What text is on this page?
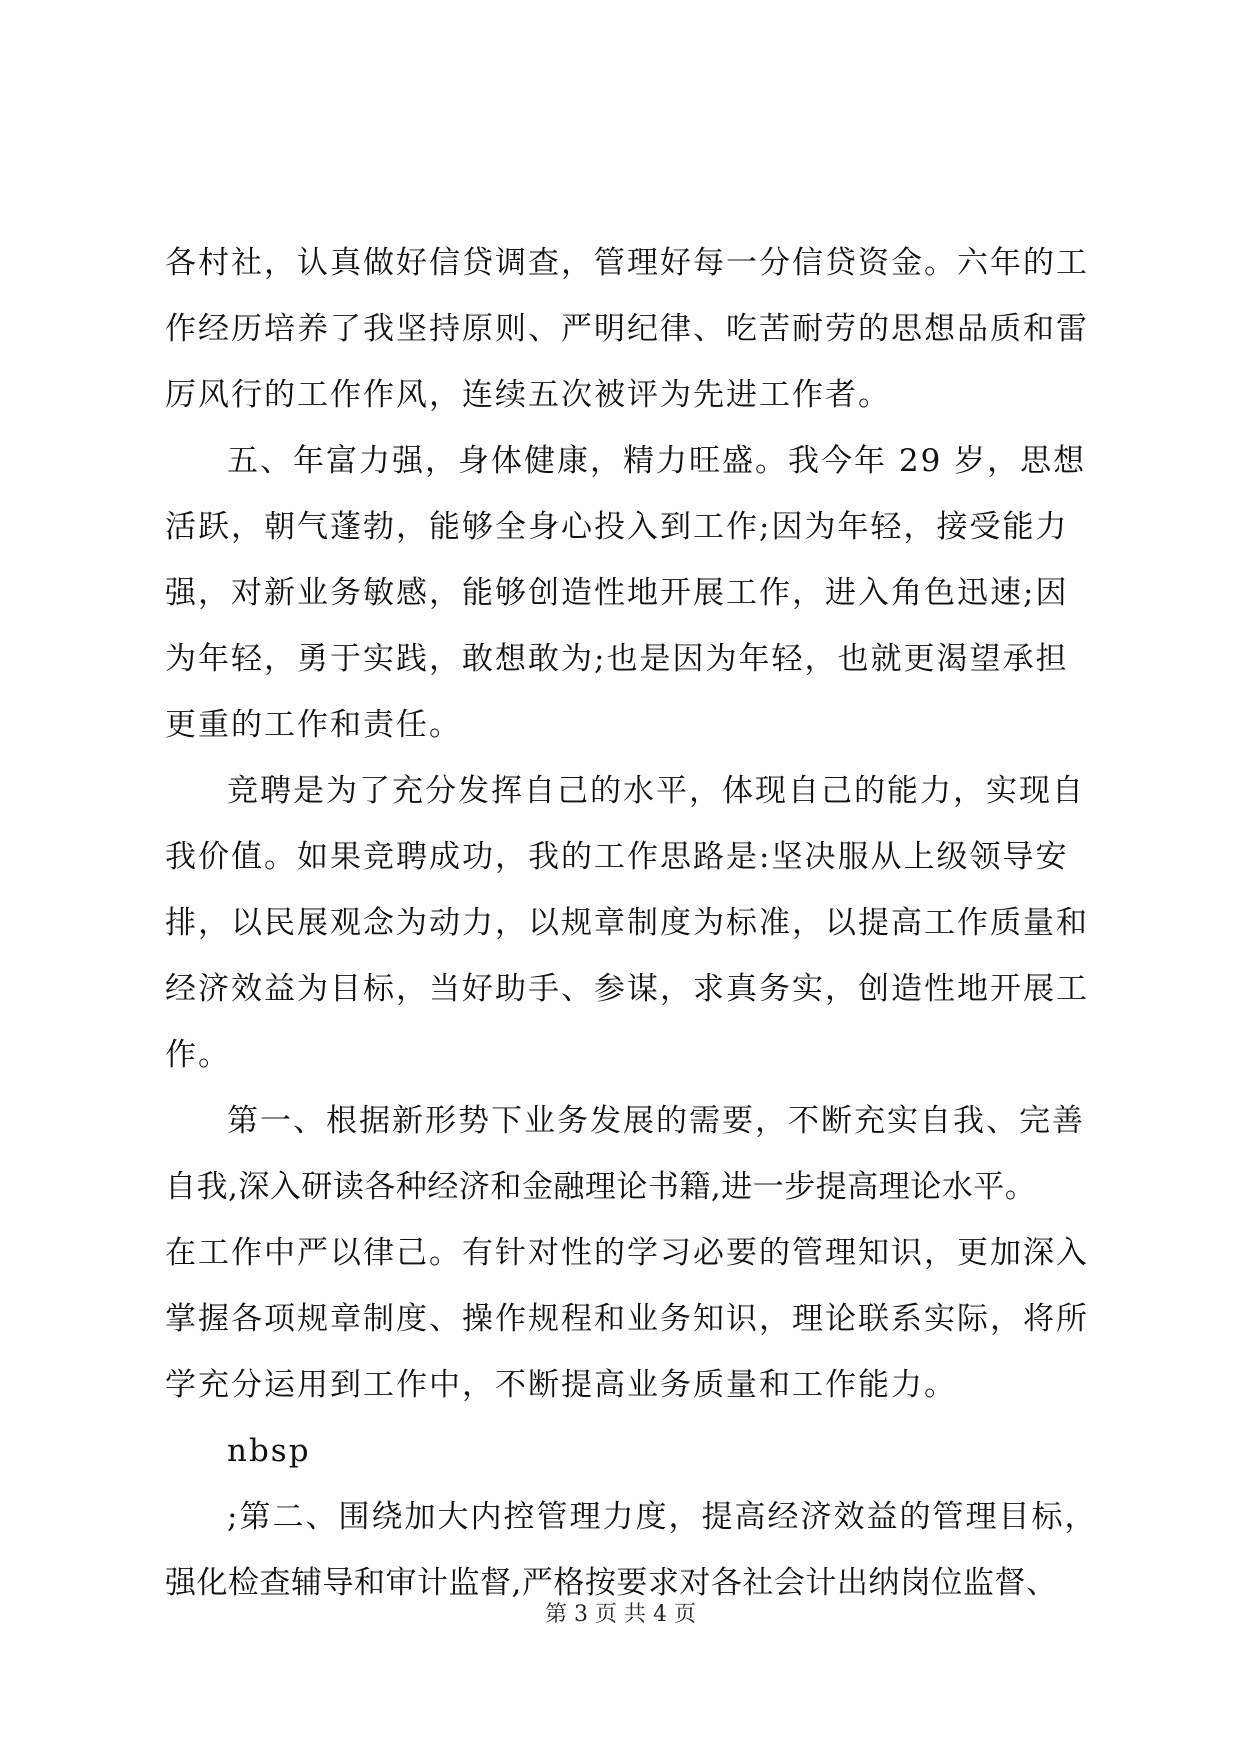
各村社，认真做好信贷调查，管理好每一分信贷资金。六年的工
作经历培养了我坚持原则、严明纪律、吃苦耐劳的思想品质和雷
厉风行的工作作风，连续五次被评为先进工作者。
五、年富力强，身体健康，精力旺盛。我今年 29 岁，思想
活跃，朝气蓬勃，能够全身心投入到工作;因为年轻，接受能力
强，对新业务敏感，能够创造性地开展工作，进入角色迅速;因
为年轻，勇于实践，敢想敢为;也是因为年轻，也就更渴望承担
更重的工作和责任。
竞聘是为了充分发挥自己的水平，体现自己的能力，实现自
我价值。如果竞聘成功，我的工作思路是:坚决服从上级领导安
排，以民展观念为动力，以规章制度为标准，以提高工作质量和
经济效益为目标，当好助手、参谋，求真务实，创造性地开展工
作。
第一、根据新形势下业务发展的需要，不断充实自我、完善
自我,深入研读各种经济和金融理论书籍,进一步提高理论水平。
在工作中严以律己。有针对性的学习必要的管理知识，更加深入
掌握各项规章制度、操作规程和业务知识，理论联系实际，将所
学充分运用到工作中，不断提高业务质量和工作能力。
nbsp
;第二、围绕加大内控管理力度，提高经济效益的管理目标，
强化检查辅导和审计监督,严格按要求对各社会计出纳岗位监督、
第 3 页 共 4 页
